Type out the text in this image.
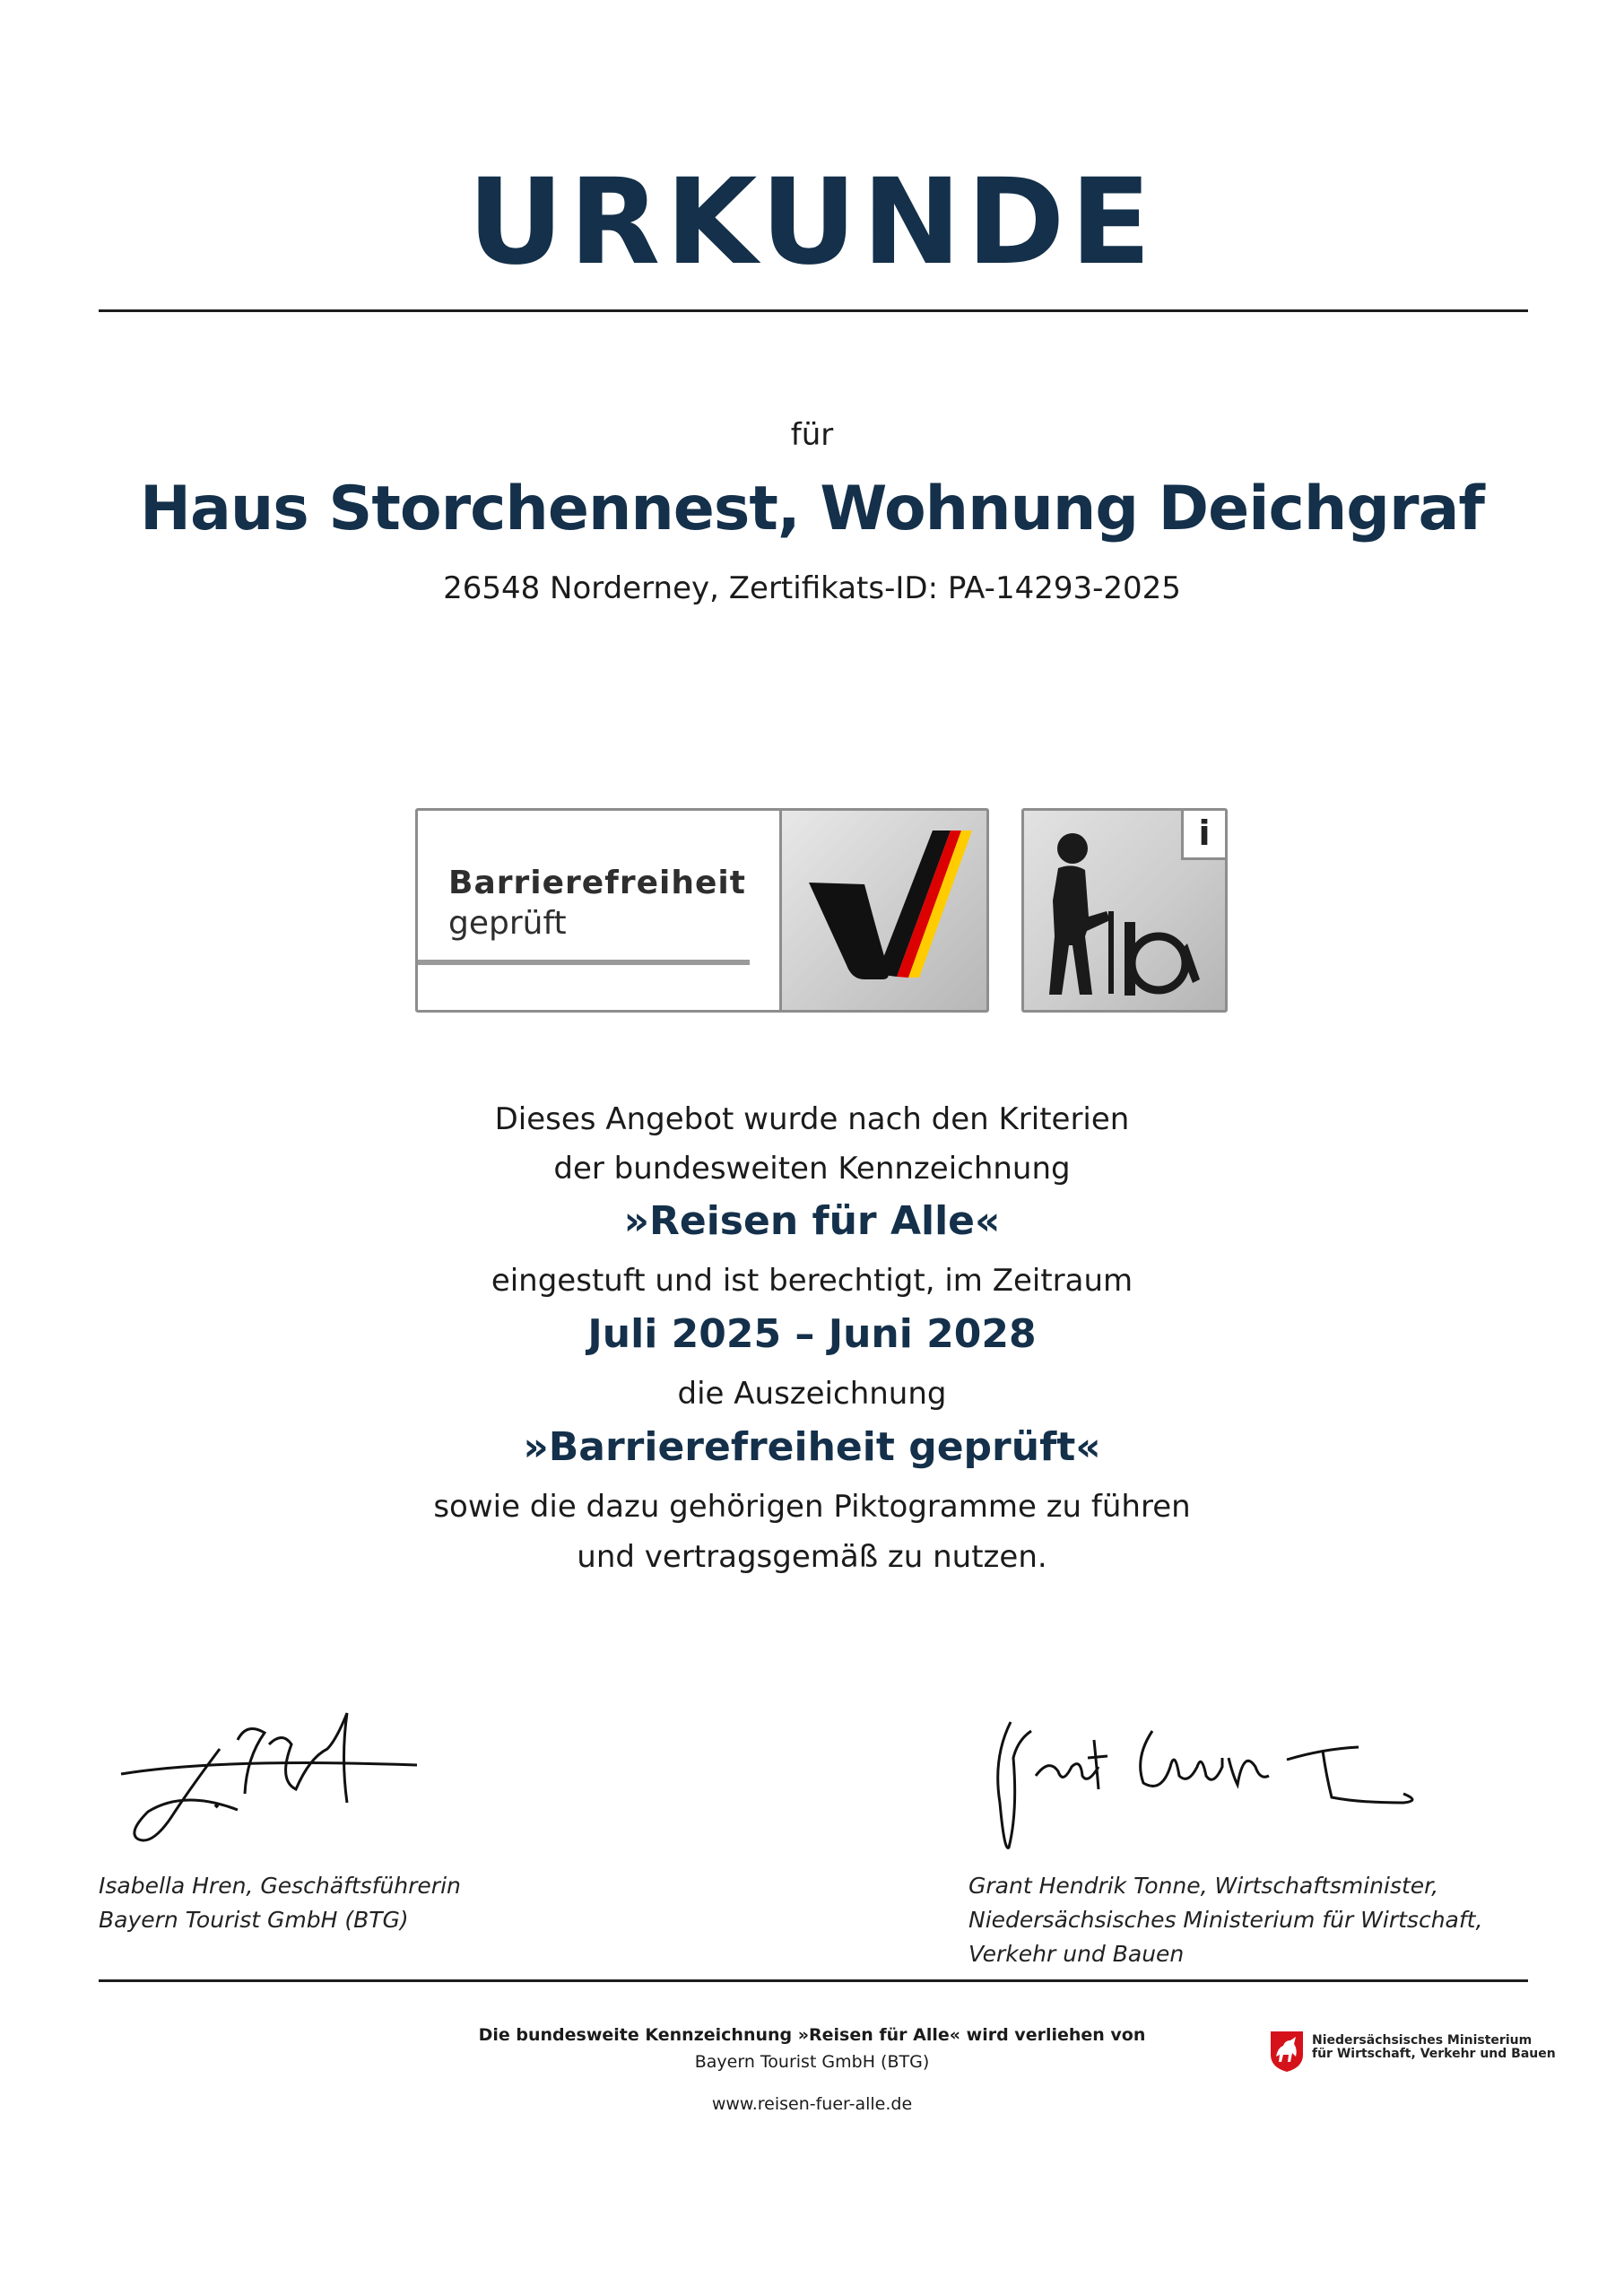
URKUNDE
für
Haus Storchennest, Wohnung Deichgraf
26548 Norderney, Zertifikats-ID: PA-14293-2025
Barrierefreiheit
geprüft
i
Dieses Angebot wurde nach den Kriterien
der bundesweiten Kennzeichnung
»Reisen für Alle«
eingestuft und ist berechtigt, im Zeitraum
Juli 2025 – Juni 2028
die Auszeichnung
»Barrierefreiheit geprüft«
sowie die dazu gehörigen Piktogramme zu führen
und vertragsgemäß zu nutzen.
Isabella Hren, Geschäftsführerin
Bayern Tourist GmbH (BTG)
Grant Hendrik Tonne, Wirtschaftsminister,
Niedersächsisches Ministerium für Wirtschaft,
Verkehr und Bauen
Die bundesweite Kennzeichnung »Reisen für Alle« wird verliehen von
Bayern Tourist GmbH (BTG)
www.reisen-fuer-alle.de
Niedersächsisches Ministerium
für Wirtschaft, Verkehr und Bauen
